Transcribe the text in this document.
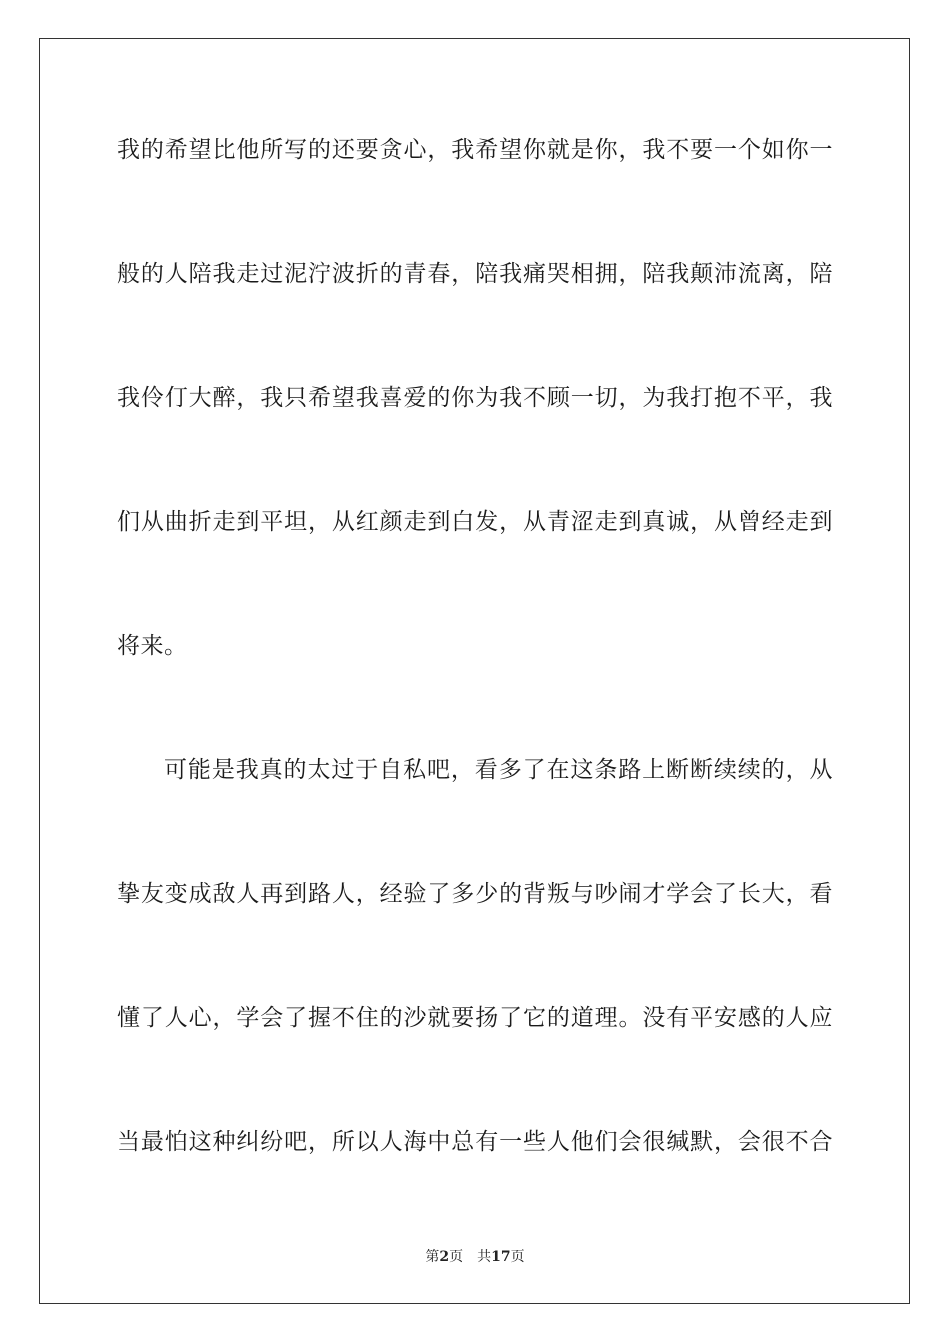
我的希望比他所写的还要贪心，我希望你就是你，我不要一个如你一
般的人陪我走过泥泞波折的青春，陪我痛哭相拥，陪我颠沛流离，陪
我伶仃大醉，我只希望我喜爱的你为我不顾一切，为我打抱不平，我
们从曲折走到平坦，从红颜走到白发，从青涩走到真诚，从曾经走到
将来。
可能是我真的太过于自私吧，看多了在这条路上断断续续的，从
挚友变成敌人再到路人，经验了多少的背叛与吵闹才学会了长大，看
懂了人心，学会了握不住的沙就要扬了它的道理。没有平安感的人应
当最怕这种纠纷吧，所以人海中总有一些人他们会很缄默，会很不合
第2页 共17页
